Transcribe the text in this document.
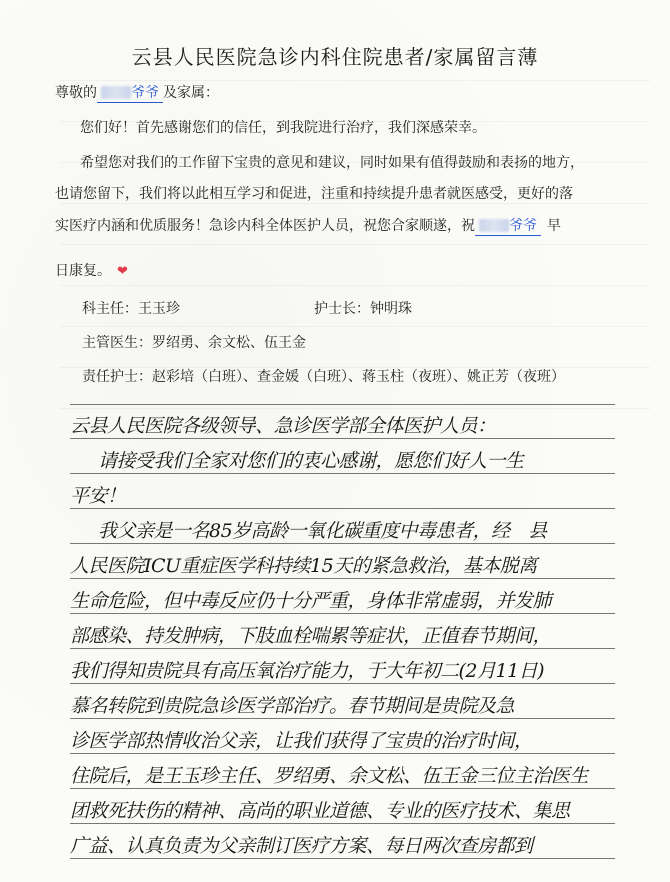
云县人民医院急诊内科住院患者/家属留言薄
尊敬的 爷爷 及家属：
您们好！首先感谢您们的信任，到我院进行治疗，我们深感荣幸。
希望您对我们的工作留下宝贵的意见和建议，同时如果有值得鼓励和表扬的地方，
也请您留下，我们将以此相互学习和促进，注重和持续提升患者就医感受，更好的落
实医疗内涵和优质服务！急诊内科全体医护人员，祝您合家顺遂，祝 爷爷 早
日康复。 ❤
科主任：王玉珍	护士长：钟明珠
主管医生：罗绍勇、余文松、伍王金
责任护士：赵彩培（白班）、查金媛（白班）、蒋玉柱（夜班）、姚正芳（夜班）
云县人民医院各级领导、急诊医学部全体医护人员：
请接受我们全家对您们的衷心感谢，愿您们好人一生
平安！
我父亲是一名85岁高龄一氧化碳重度中毒患者，经　县
人民医院ICU重症医学科持续15天的紧急救治，基本脱离
生命危险，但中毒反应仍十分严重，身体非常虚弱，并发肺
部感染、持发肿病，下肢血栓喘累等症状，正值春节期间，
我们得知贵院具有高压氧治疗能力，于大年初二(2月11日)
慕名转院到贵院急诊医学部治疗。春节期间是贵院及急
诊医学部热情收治父亲，让我们获得了宝贵的治疗时间，
住院后，是王玉珍主任、罗绍勇、余文松、伍王金三位主治医生
团救死扶伤的精神、高尚的职业道德、专业的医疗技术、集思
广益、认真负责为父亲制订医疗方案、每日两次查房都到
